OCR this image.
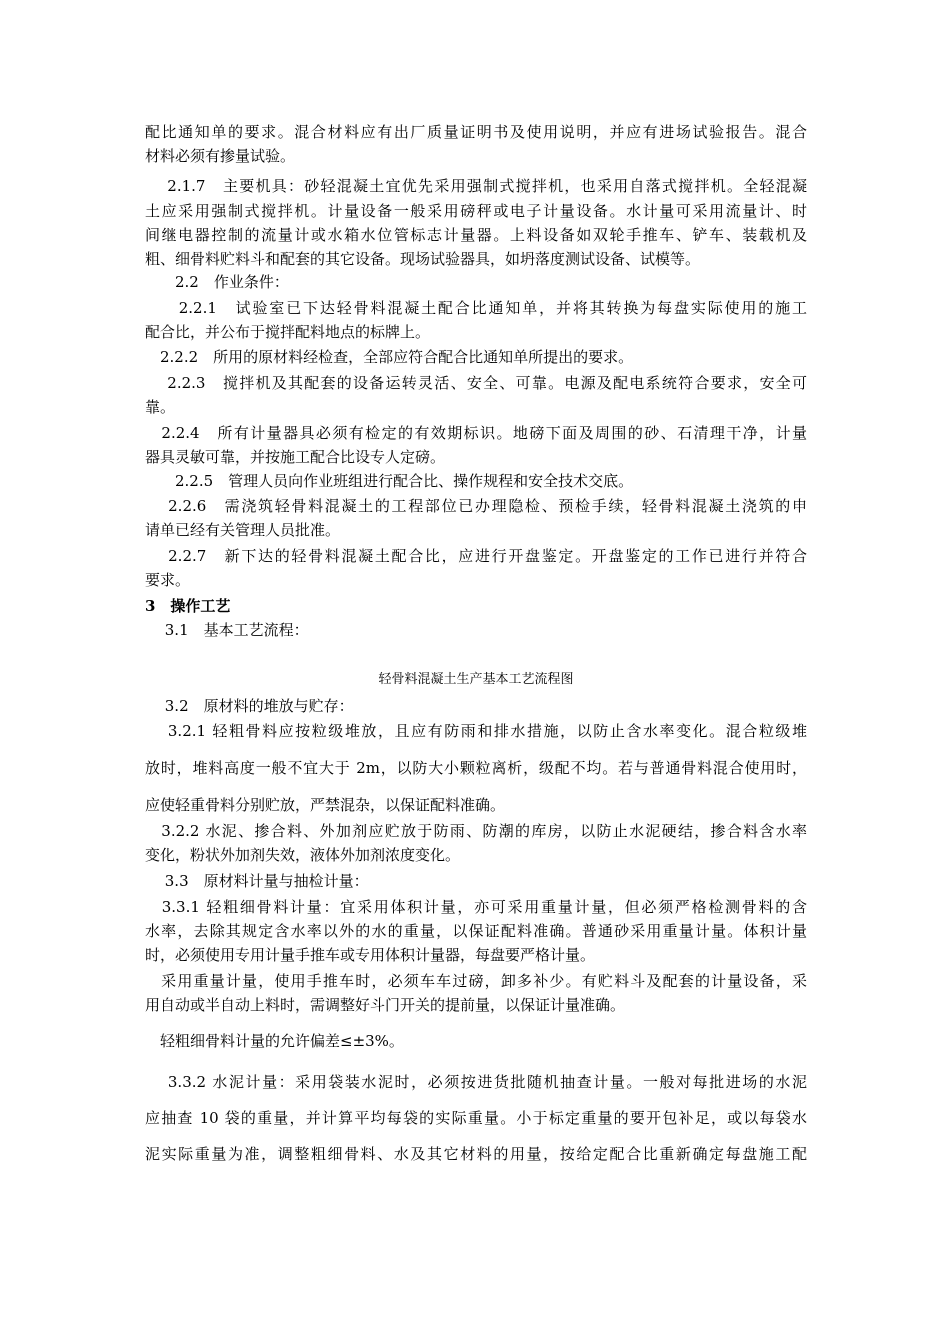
配比通知单的要求。混合材料应有出厂质量证明书及使用说明，并应有进场试验报告。混合
材料必须有掺量试验。
　 2.1.7　主要机具：砂轻混凝土宜优先采用强制式搅拌机，也采用自落式搅拌机。全轻混凝
土应采用强制式搅拌机。计量设备一般采用磅秤或电子计量设备。水计量可采用流量计、时
间继电器控制的流量计或水箱水位管标志计量器。上料设备如双轮手推车、铲车、装载机及
粗、细骨料贮料斗和配套的其它设备。现场试验器具，如坍落度测试设备、试模等。
　　2.2　作业条件：
　　2.2.1　试验室已下达轻骨料混凝土配合比通知单，并将其转换为每盘实际使用的施工
配合比，并公布于搅拌配料地点的标牌上。
　2.2.2　所用的原材料经检查，全部应符合配合比通知单所提出的要求。
　 2.2.3　搅拌机及其配套的设备运转灵活、安全、可靠。电源及配电系统符合要求，安全可
靠。
　2.2.4　所有计量器具必须有检定的有效期标识。地磅下面及周围的砂、石清理干净，计量
器具灵敏可靠，并按施工配合比设专人定磅。
　　2.2.5　管理人员向作业班组进行配合比、操作规程和安全技术交底。
　 2.2.6　需浇筑轻骨料混凝土的工程部位已办理隐检、预检手续，轻骨料混凝土浇筑的申
请单已经有关管理人员批准。
　 2.2.7　新下达的轻骨料混凝土配合比，应进行开盘鉴定。开盘鉴定的工作已进行并符合
要求。
3　操作工艺
　 3.1　基本工艺流程：
轻骨料混凝土生产基本工艺流程图
　 3.2　原材料的堆放与贮存：
　 3.2.1 轻粗骨料应按粒级堆放，且应有防雨和排水措施，以防止含水率变化。混合粒级堆
放时，堆料高度一般不宜大于 2m，以防大小颗粒离析，级配不均。若与普通骨料混合使用时，
应使轻重骨料分别贮放，严禁混杂，以保证配料准确。
　3.2.2 水泥、掺合料、外加剂应贮放于防雨、防潮的库房，以防止水泥硬结，掺合料含水率
变化，粉状外加剂失效，液体外加剂浓度变化。
　 3.3　原材料计量与抽检计量：
　3.3.1 轻粗细骨料计量：宜采用体积计量，亦可采用重量计量，但必须严格检测骨料的含
水率，去除其规定含水率以外的水的重量，以保证配料准确。普通砂采用重量计量。体积计量
时，必须使用专用计量手推车或专用体积计量器，每盘要严格计量。
　采用重量计量，使用手推车时，必须车车过磅，卸多补少。有贮料斗及配套的计量设备，采
用自动或半自动上料时，需调整好斗门开关的提前量，以保证计量准确。
　轻粗细骨料计量的允许偏差≤±3%。
　 3.3.2 水泥计量：采用袋装水泥时，必须按进货批随机抽查计量。一般对每批进场的水泥
应抽查 10 袋的重量，并计算平均每袋的实际重量。小于标定重量的要开包补足，或以每袋水
泥实际重量为准，调整粗细骨料、水及其它材料的用量，按给定配合比重新确定每盘施工配
